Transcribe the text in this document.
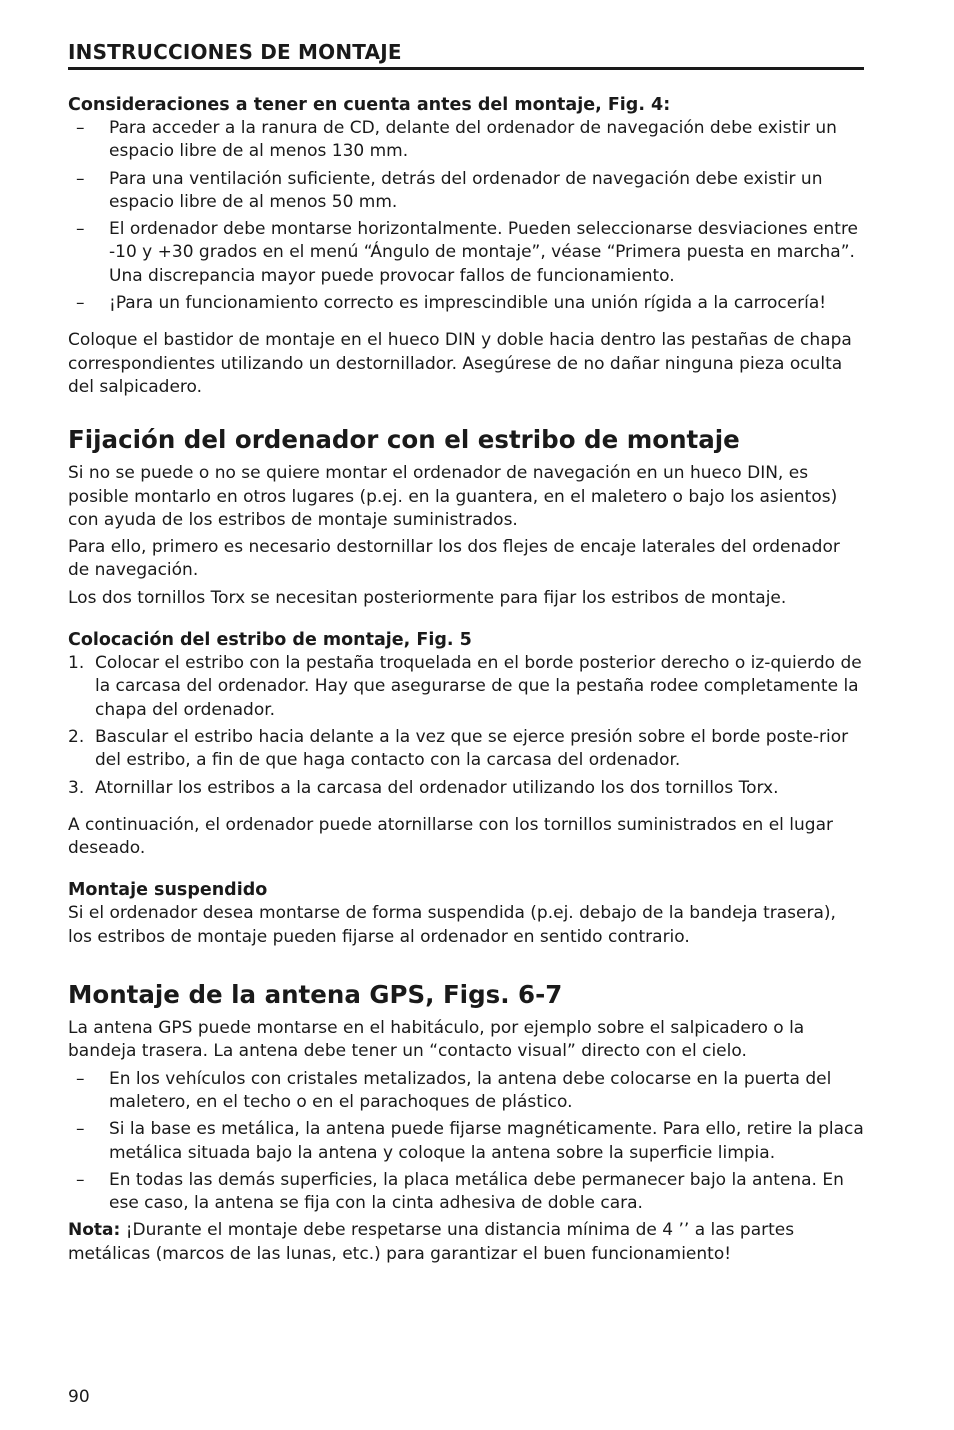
INSTRUCCIONES DE MONTAJE
Consideraciones a tener en cuenta antes del montaje, Fig. 4:
– Para acceder a la ranura de CD, delante del ordenador de navegación debe existir un espacio libre de al menos 130 mm.
– Para una ventilación suficiente, detrás del ordenador de navegación debe existir un espacio libre de al menos 50 mm.
– El ordenador debe montarse horizontalmente. Pueden seleccionarse desviaciones entre -10 y +30 grados en el menú “Ángulo de montaje”, véase “Primera puesta en marcha”. Una discrepancia mayor puede provocar fallos de funcionamiento.
– ¡Para un funcionamiento correcto es imprescindible una unión rígida a la carrocería!

Coloque el bastidor de montaje en el hueco DIN y doble hacia dentro las pestañas de chapa correspondientes utilizando un destornillador. Asegúrese de no dañar ninguna pieza oculta del salpicadero.

Fijación del ordenador con el estribo de montaje

Si no se puede o no se quiere montar el ordenador de navegación en un hueco DIN, es posible montarlo en otros lugares (p.ej. en la guantera, en el maletero o bajo los asientos) con ayuda de los estribos de montaje suministrados.

Para ello, primero es necesario destornillar los dos flejes de encaje laterales del ordenador de navegación.

Los dos tornillos Torx se necesitan posteriormente para fijar los estribos de montaje.

Colocación del estribo de montaje, Fig. 5
1. Colocar el estribo con la pestaña troquelada en el borde posterior derecho o iz-quierdo de la carcasa del ordenador. Hay que asegurarse de que la pestaña rodee completamente la chapa del ordenador.
2. Bascular el estribo hacia delante a la vez que se ejerce presión sobre el borde poste-rior del estribo, a fin de que haga contacto con la carcasa del ordenador.
3. Atornillar los estribos a la carcasa del ordenador utilizando los dos tornillos Torx.

A continuación, el ordenador puede atornillarse con los tornillos suministrados en el lugar deseado.

Montaje suspendido

Si el ordenador desea montarse de forma suspendida (p.ej. debajo de la bandeja trasera), los estribos de montaje pueden fijarse al ordenador en sentido contrario.

Montaje de la antena GPS, Figs. 6-7

La antena GPS puede montarse en el habitáculo, por ejemplo sobre el salpicadero o la bandeja trasera. La antena debe tener un “contacto visual” directo con el cielo.

– En los vehículos con cristales metalizados, la antena debe colocarse en la puerta del maletero, en el techo o en el parachoques de plástico.
– Si la base es metálica, la antena puede fijarse magnéticamente. Para ello, retire la placa metálica situada bajo la antena y coloque la antena sobre la superficie limpia.
– En todas las demás superficies, la placa metálica debe permanecer bajo la antena. En ese caso, la antena se fija con la cinta adhesiva de doble cara.

Nota: ¡Durante el montaje debe respetarse una distancia mínima de 4 ’’ a las partes metálicas (marcos de las lunas, etc.) para garantizar el buen funcionamiento!

90
